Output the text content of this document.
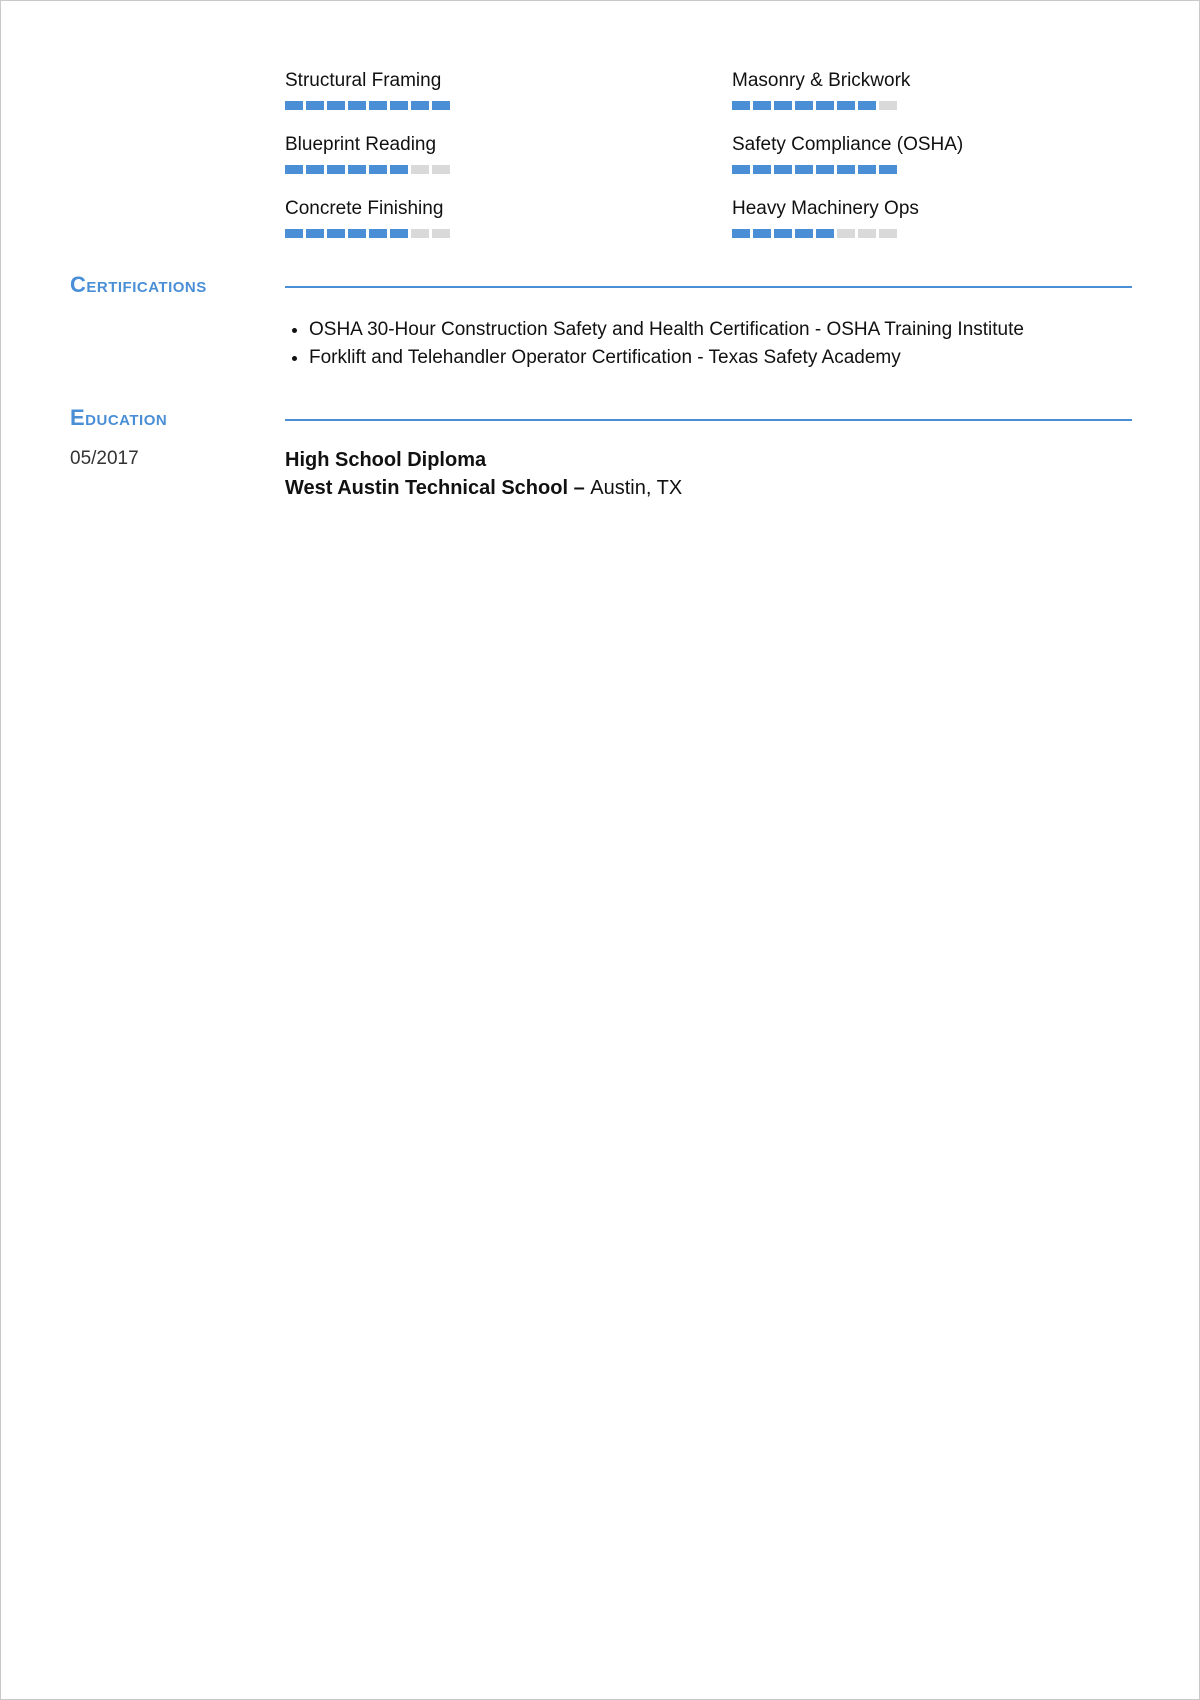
Structural Framing	Masonry & Brickwork
Blueprint Reading	Safety Compliance (OSHA)
Concrete Finishing	Heavy Machinery Ops
Certifications
• OSHA 30-Hour Construction Safety and Health Certification - OSHA Training Institute
• Forklift and Telehandler Operator Certification - Texas Safety Academy
Education
05/2017	High School Diploma
West Austin Technical School – Austin, TX
